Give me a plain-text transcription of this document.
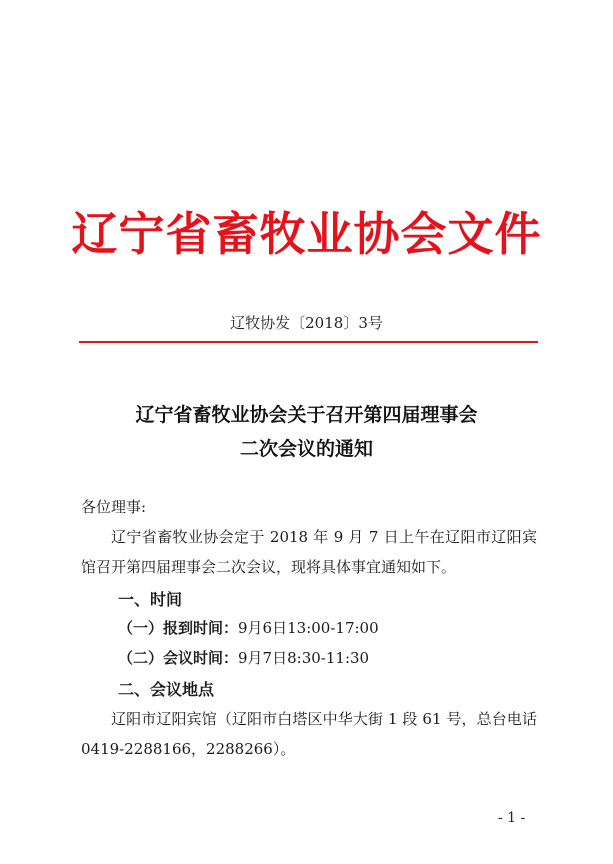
辽宁省畜牧业协会文件
辽牧协发〔2018〕3号
辽宁省畜牧业协会关于召开第四届理事会
二次会议的通知
各位理事:
辽宁省畜牧业协会定于 2018 年 9 月 7 日上午在辽阳市辽阳宾馆召开第四届理事会二次会议，现将具体事宜通知如下。
一、时间
（一）报到时间：9月6日13:00-17:00
（二）会议时间：9月7日8:30-11:30
二、会议地点
辽阳市辽阳宾馆（辽阳市白塔区中华大街 1 段 61 号，总台电话 0419-2288166，2288266）。
- 1 -
